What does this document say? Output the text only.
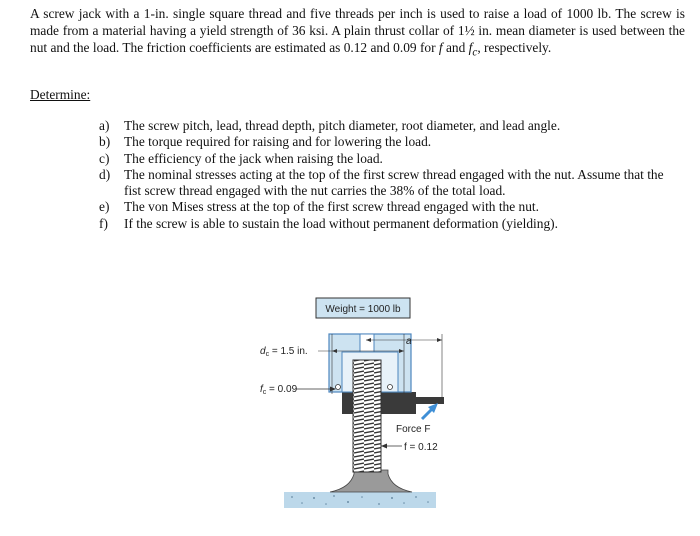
A screw jack with a 1-in. single square thread and five threads per inch is used to raise a load of 1000 lb. The screw is made from a material having a yield strength of 36 ksi. A plain thrust collar of 1½ in. mean diameter is used between the nut and the load. The friction coefficients are estimated as 0.12 and 0.09 for f and $f_c$, respectively.
Determine:
a) The screw pitch, lead, thread depth, pitch diameter, root diameter, and lead angle.
b) The torque required for raising and for lowering the load.
c) The efficiency of the jack when raising the load.
d) The nominal stresses acting at the top of the first screw thread engaged with the nut. Assume that the fist screw thread engaged with the nut carries the 38% of the total load.
e) The von Mises stress at the top of the first screw thread engaged with the nut.
f) If the screw is able to sustain the load without permanent deformation (yielding).
Weight = 1000 lb
$d_c = 1.5$ in.
$f_c = 0.09$
a
Force F
f = 0.12
